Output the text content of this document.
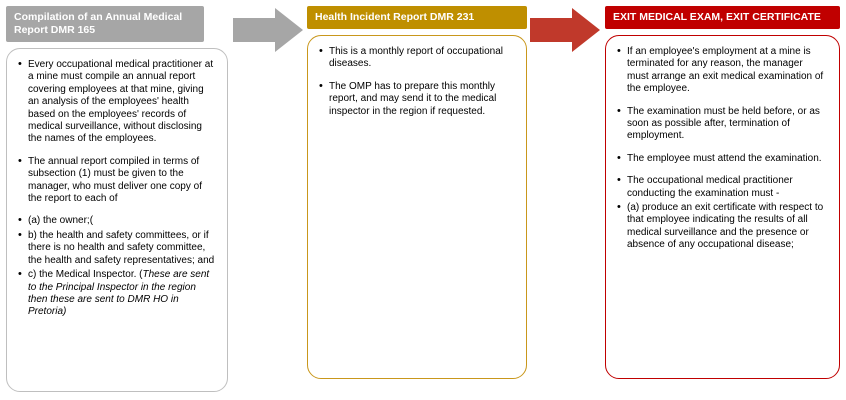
Compilation of an Annual Medical Report DMR 165
• Every occupational medical practitioner at a mine must compile an annual report covering employees at that mine, giving an analysis of the employees' health based on the employees' records of medical surveillance, without disclosing the names of the employees.
• The annual report compiled in terms of subsection (1) must be given to the manager, who must deliver one copy of the report to each of
• (a) the owner;(
• b) the health and safety committees, or if there is no health and safety committee, the health and safety representatives; and
• c) the Medical Inspector. (These are sent to the Principal Inspector in the region then these are sent to DMR HO in Pretoria)
Health Incident Report DMR 231
• This is a monthly report of occupational diseases.
• The OMP has to prepare this monthly report, and may send it to the medical inspector in the region if requested.
EXIT MEDICAL EXAM, EXIT CERTIFICATE
• If an employee's employment at a mine is terminated for any reason, the manager must arrange an exit medical examination of the employee.
• The examination must be held before, or as soon as possible after, termination of employment.
• The employee must attend the examination.
• The occupational medical practitioner conducting the examination must -
• (a) produce an exit certificate with respect to that employee indicating the results of all medical surveillance and the presence or absence of any occupational disease;
